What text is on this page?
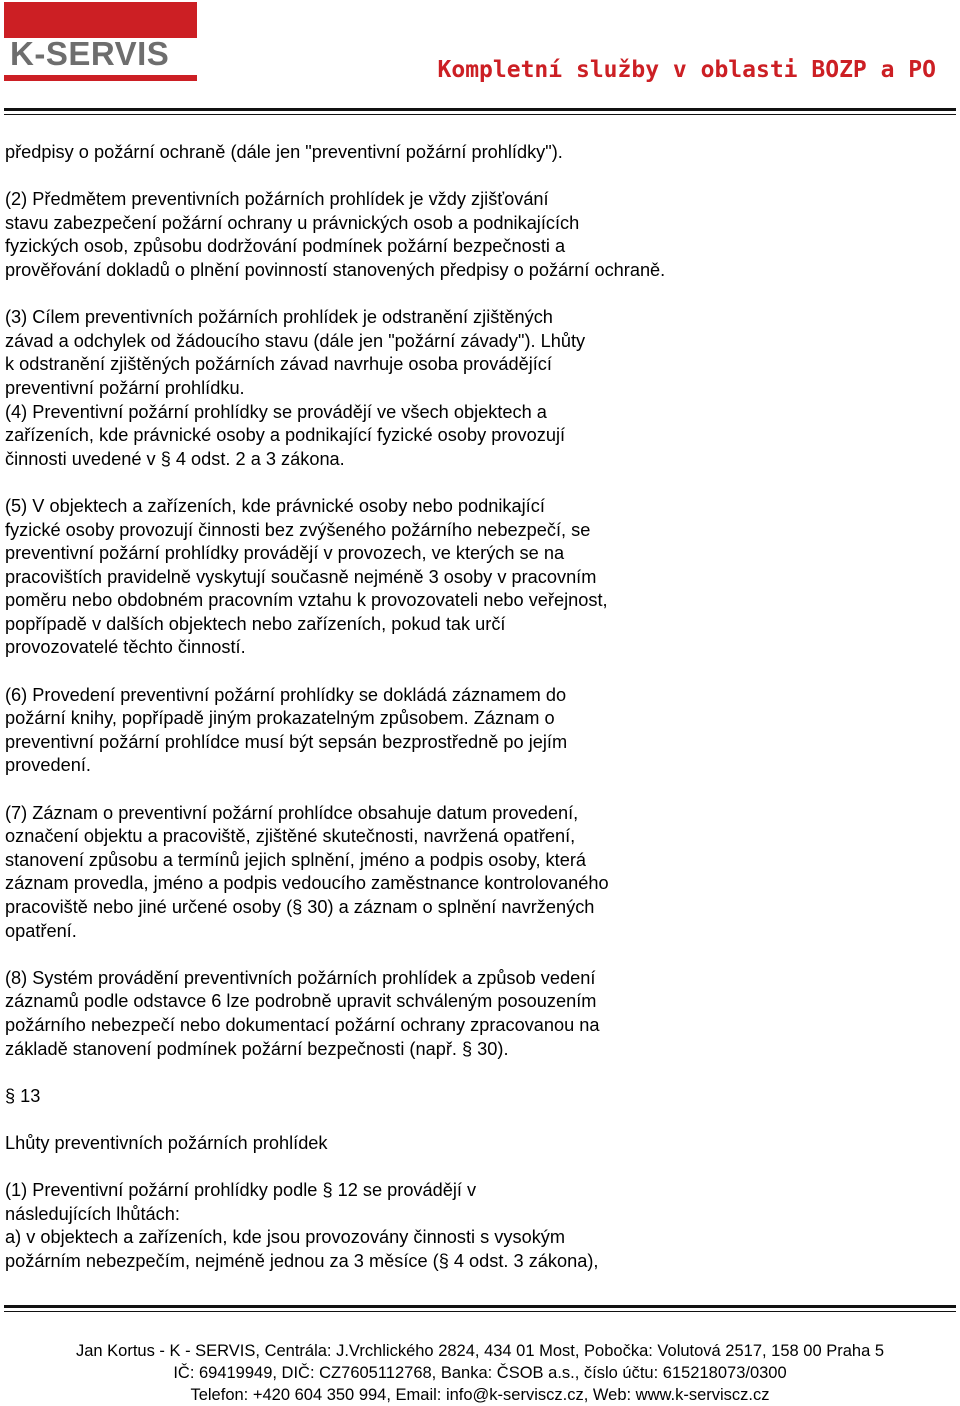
K-SERVIS	Kompletní služby v oblasti BOZP a PO

předpisy o požární ochraně (dále jen "preventivní požární prohlídky").

(2) Předmětem preventivních požárních prohlídek je vždy zjišťování
stavu zabezpečení požární ochrany u právnických osob a podnikajících
fyzických osob, způsobu dodržování podmínek požární bezpečnosti a
prověřování dokladů o plnění povinností stanovených předpisy o požární ochraně.

(3) Cílem preventivních požárních prohlídek je odstranění zjištěných
závad a odchylek od žádoucího stavu (dále jen "požární závady"). Lhůty
k odstranění zjištěných požárních závad navrhuje osoba provádějící
preventivní požární prohlídku.

(4) Preventivní požární prohlídky se provádějí ve všech objektech a
zařízeních, kde právnické osoby a podnikající fyzické osoby provozují
činnosti uvedené v § 4 odst. 2 a 3 zákona.

(5) V objektech a zařízeních, kde právnické osoby nebo podnikající
fyzické osoby provozují činnosti bez zvýšeného požárního nebezpečí, se
preventivní požární prohlídky provádějí v provozech, ve kterých se na
pracovištích pravidelně vyskytují současně nejméně 3 osoby v pracovním
poměru nebo obdobném pracovním vztahu k provozovateli nebo veřejnost,
popřípadě v dalších objektech nebo zařízeních, pokud tak určí
provozovatelé těchto činností.

(6) Provedení preventivní požární prohlídky se dokládá záznamem do
požární knihy, popřípadě jiným prokazatelným způsobem. Záznam o
preventivní požární prohlídce musí být sepsán bezprostředně po jejím
provedení.

(7) Záznam o preventivní požární prohlídce obsahuje datum provedení,
označení objektu a pracoviště, zjištěné skutečnosti, navržená opatření,
stanovení způsobu a termínů jejich splnění, jméno a podpis osoby, která
záznam provedla, jméno a podpis vedoucího zaměstnance kontrolovaného
pracoviště nebo jiné určené osoby (§ 30) a záznam o splnění navržených
opatření.

(8) Systém provádění preventivních požárních prohlídek a způsob vedení
záznamů podle odstavce 6 lze podrobně upravit schváleným posouzením
požárního nebezpečí nebo dokumentací požární ochrany zpracovanou na
základě stanovení podmínek požární bezpečnosti (např. § 30).

§ 13

Lhůty preventivních požárních prohlídek

(1) Preventivní požární prohlídky podle § 12 se provádějí v
následujících lhůtách:
a) v objektech a zařízeních, kde jsou provozovány činnosti s vysokým
požárním nebezpečím, nejméně jednou za 3 měsíce (§ 4 odst. 3 zákona),

Jan Kortus - K - SERVIS, Centrála: J.Vrchlického 2824, 434 01 Most, Pobočka: Volutová 2517, 158 00 Praha 5
IČ: 69419949, DIČ: CZ7605112768, Banka: ČSOB a.s., číslo účtu: 615218073/0300
Telefon: +420 604 350 994, Email: info@k-serviscz.cz, Web: www.k-serviscz.cz
